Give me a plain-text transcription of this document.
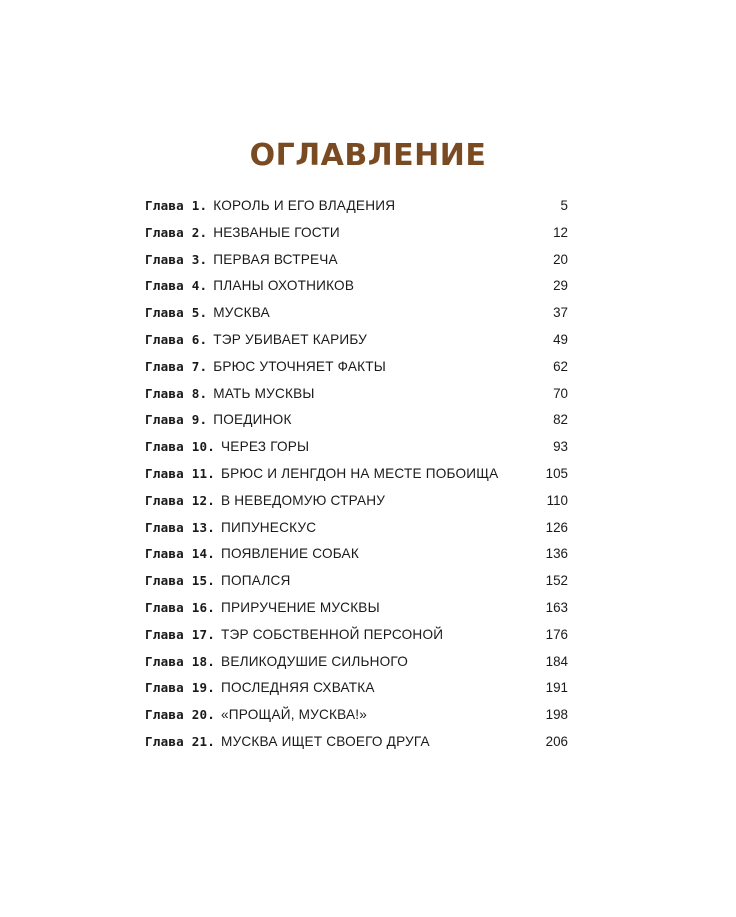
ОГЛАВЛЕНИЕ
Глава 1. КОРОЛЬ И ЕГО ВЛАДЕНИЯ	5
Глава 2. НЕЗВАНЫЕ ГОСТИ	12
Глава 3. ПЕРВАЯ ВСТРЕЧА	20
Глава 4. ПЛАНЫ ОХОТНИКОВ	29
Глава 5. МУСКВА	37
Глава 6. ТЭР УБИВАЕТ КАРИБУ	49
Глава 7. БРЮС УТОЧНЯЕТ ФАКТЫ	62
Глава 8. МАТЬ МУСКВЫ	70
Глава 9. ПОЕДИНОК	82
Глава 10. ЧЕРЕЗ ГОРЫ	93
Глава 11. БРЮС И ЛЕНГДОН НА МЕСТЕ ПОБОИЩА	105
Глава 12. В НЕВЕДОМУЮ СТРАНУ	110
Глава 13. ПИПУНЕСКУС	126
Глава 14. ПОЯВЛЕНИЕ СОБАК	136
Глава 15. ПОПАЛСЯ	152
Глава 16. ПРИРУЧЕНИЕ МУСКВЫ	163
Глава 17. ТЭР СОБСТВЕННОЙ ПЕРСОНОЙ	176
Глава 18. ВЕЛИКОДУШИЕ СИЛЬНОГО	184
Глава 19. ПОСЛЕДНЯЯ СХВАТКА	191
Глава 20. «ПРОЩАЙ, МУСКВА!»	198
Глава 21. МУСКВА ИЩЕТ СВОЕГО ДРУГА	206
